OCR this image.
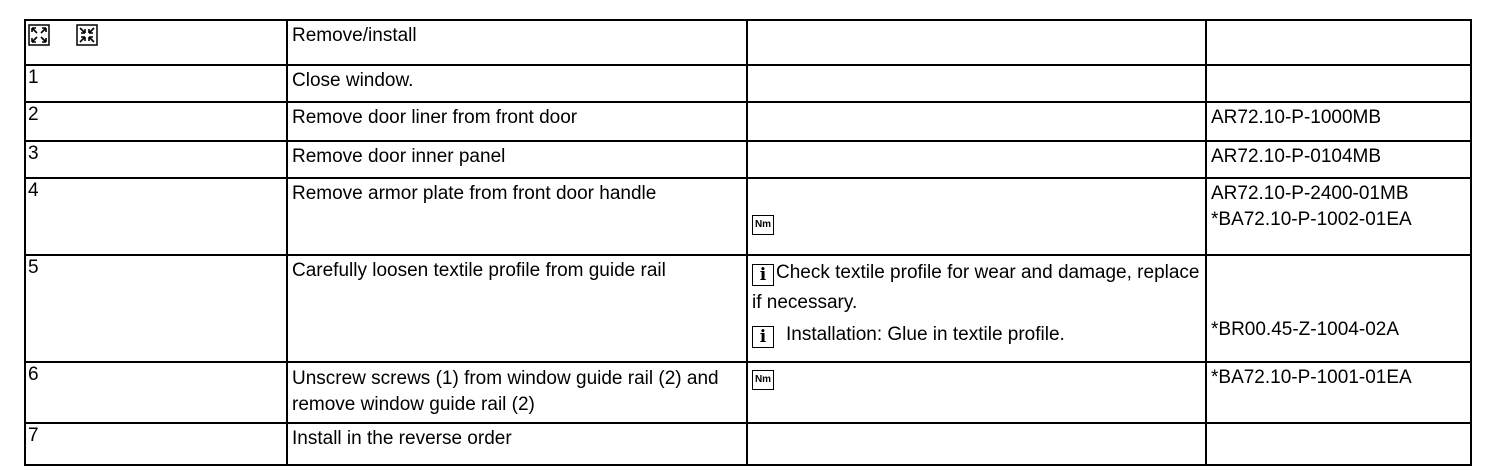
	Remove/install		
1	Close window.		
2	Remove door liner from front door		AR72.10-P-1000MB
3	Remove door inner panel		AR72.10-P-0104MB
4	Remove armor plate from front door handle	Nm	AR72.10-P-2400-01MB
*BA72.10-P-1002-01EA

5	Carefully loosen textile profile from guide rail	i Check textile profile for wear and damage, replace if necessary.
i Installation: Glue in textile profile.	*BR00.45-Z-1004-02A

6	Unscrew screws (1) from window guide rail (2) and remove window guide rail (2)	Nm	*BA72.10-P-1001-01EA
7	Install in the reverse order		
